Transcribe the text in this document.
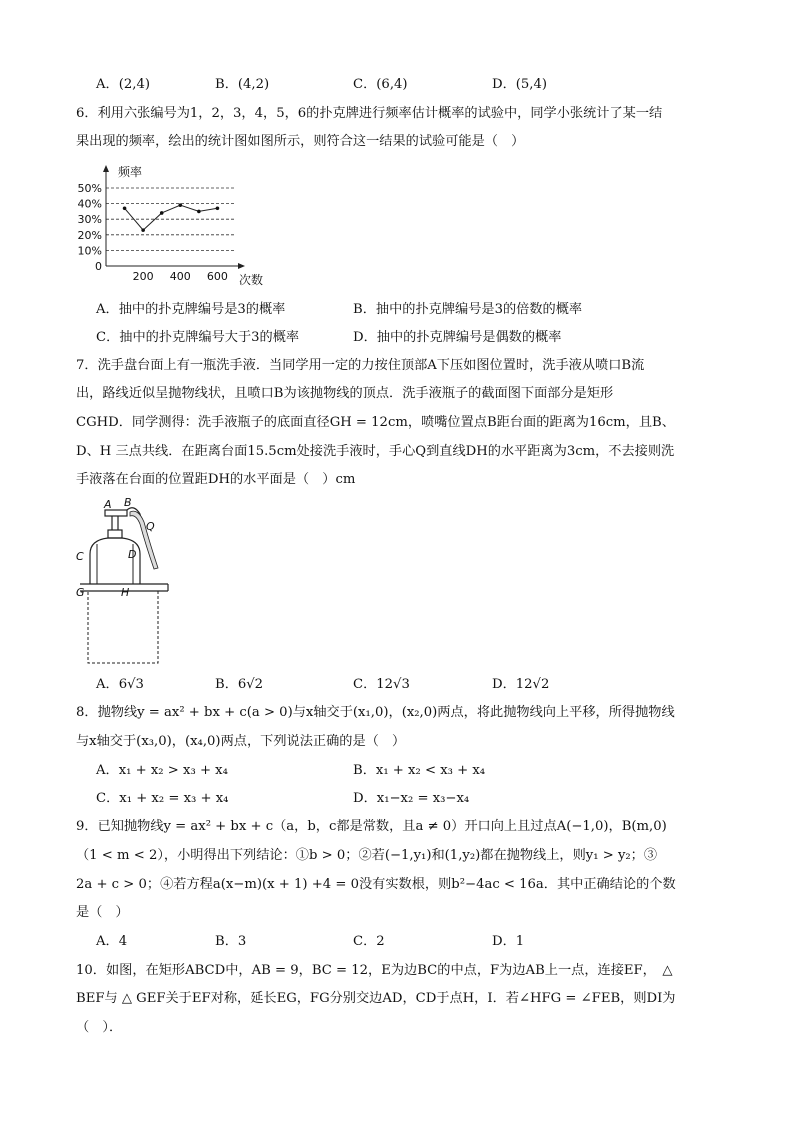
A．(2,4)	B．(4,2)	C．(6,4)	D．(5,4)
6．利用六张编号为1，2，3，4，5，6的扑克牌进行频率估计概率的试验中，同学小张统计了某一结
果出现的频率，绘出的统计图如图所示，则符合这一结果的试验可能是（　）
0
10%
20%
30%
40%
50%
200 400 600
频率
次数
A．抽中的扑克牌编号是3的概率	B．抽中的扑克牌编号是3的倍数的概率
C．抽中的扑克牌编号大于3的概率	D．抽中的扑克牌编号是偶数的概率
7．洗手盘台面上有一瓶洗手液．当同学用一定的力按住顶部A下压如图位置时，洗手液从喷口B流
出，路线近似呈抛物线状，且喷口B为该抛物线的顶点．洗手液瓶子的截面图下面部分是矩形
CGHD．同学测得：洗手液瓶子的底面直径GH = 12cm，喷嘴位置点B距台面的距离为16cm，且B、
D、H 三点共线．在距离台面15.5cm处接洗手液时，手心Q到直线DH的水平距离为3cm，不去接则洗
手液落在台面的位置距DH的水平面是（　）cm
A B
Q
C	D
G	H
A．6√3	B．6√2	C．12√3	D．12√2
8．抛物线y = ax² + bx + c(a > 0)与x轴交于(x₁,0)，(x₂,0)两点，将此抛物线向上平移，所得抛物线
与x轴交于(x₃,0)，(x₄,0)两点，下列说法正确的是（　）
A．x₁ + x₂ > x₃ + x₄	B．x₁ + x₂ < x₃ + x₄
C．x₁ + x₂ = x₃ + x₄	D．x₁−x₂ = x₃−x₄
9．已知抛物线y = ax² + bx + c（a，b，c都是常数，且a ≠ 0）开口向上且过点A(−1,0)，B(m,0)
（1 < m < 2），小明得出下列结论：①b > 0；②若(−1,y₁)和(1,y₂)都在抛物线上，则y₁ > y₂；③
2a + c > 0；④若方程a(x−m)(x + 1) +4 = 0没有实数根，则b²−4ac < 16a．其中正确结论的个数
是（　）
A．4	B．3	C．2	D．1
10．如图，在矩形ABCD中，AB = 9，BC = 12，E为边BC的中点，F为边AB上一点，连接EF，　△
BEF与 △ GEF关于EF对称，延长EG，FG分别交边AD，CD于点H，I．若∠HFG = ∠FEB，则DI为
（　）．
